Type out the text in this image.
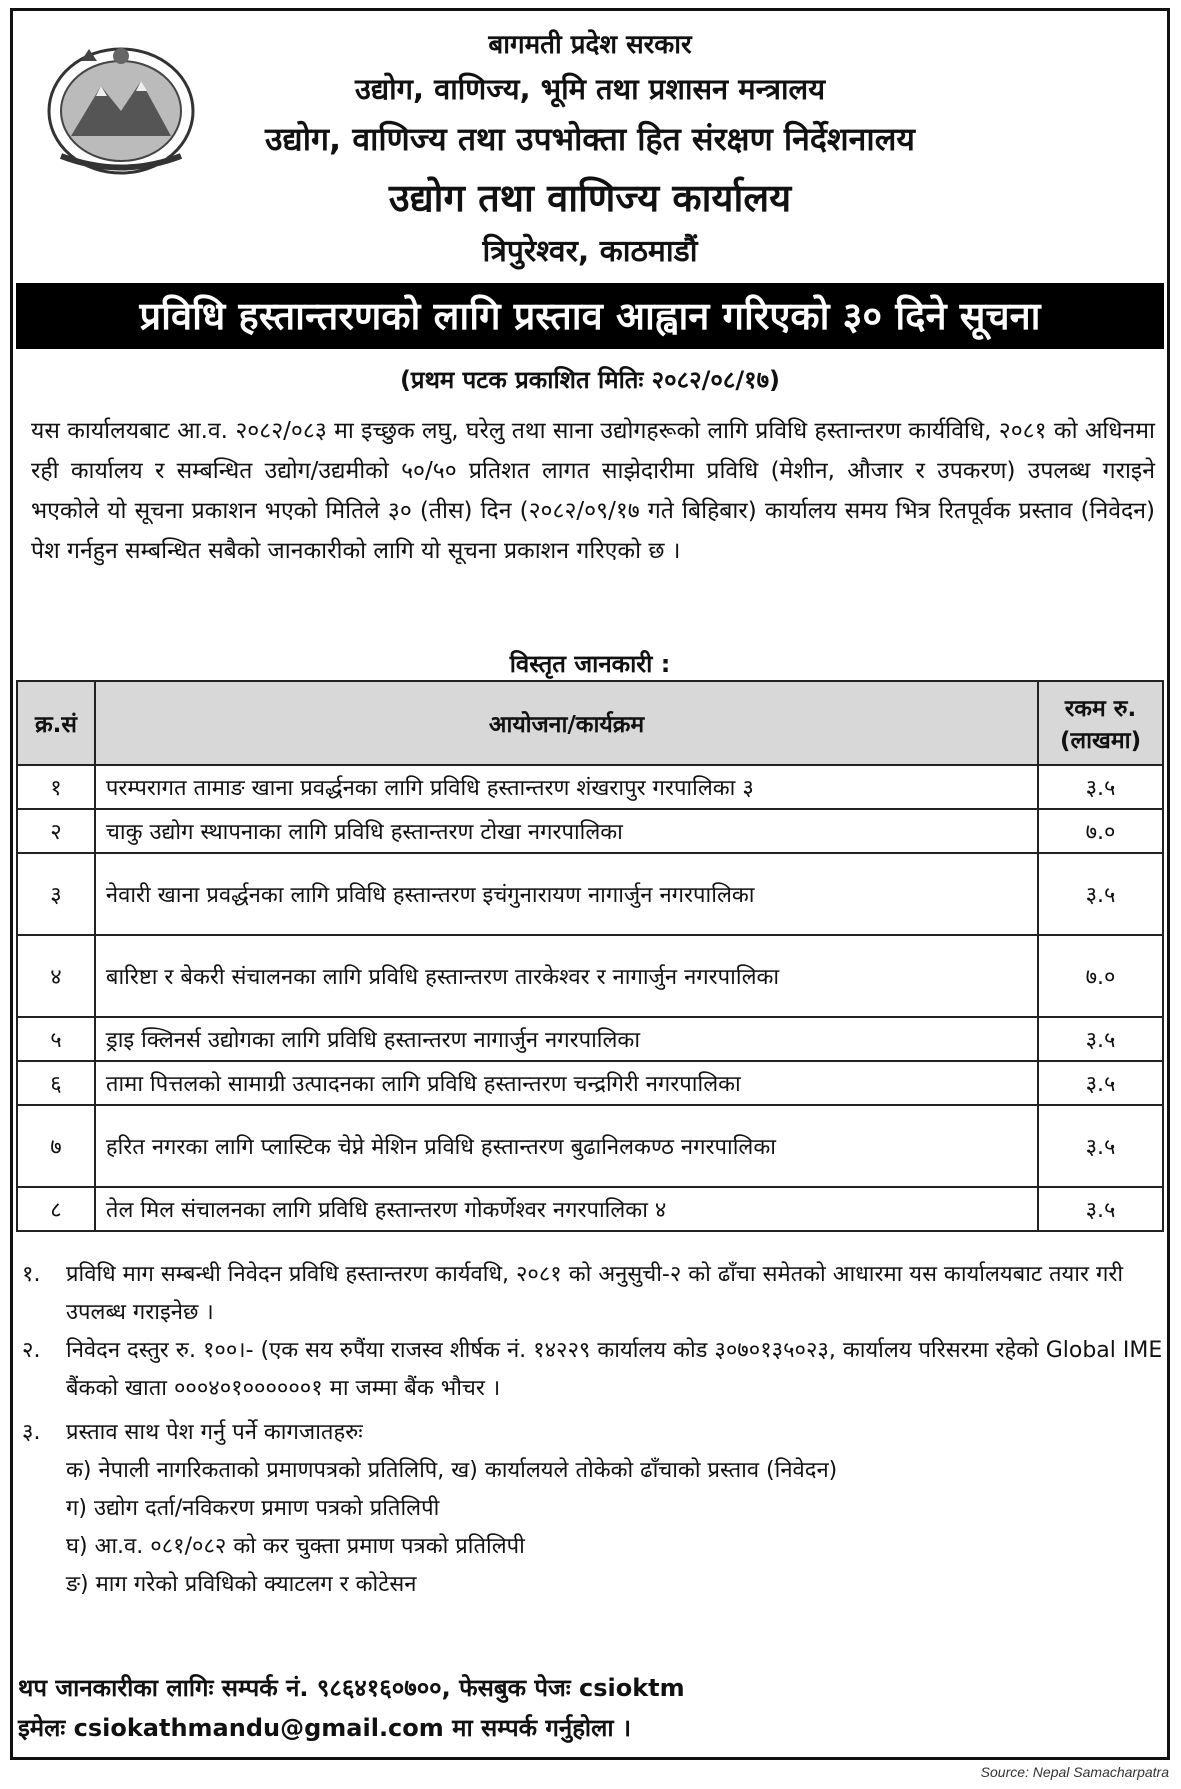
बागमती प्रदेश सरकार
उद्योग, वाणिज्य, भूमि तथा प्रशासन मन्त्रालय
उद्योग, वाणिज्य तथा उपभोक्ता हित संरक्षण निर्देशनालय
उद्योग तथा वाणिज्य कार्यालय
त्रिपुरेश्वर, काठमाडौं
प्रविधि हस्तान्तरणको लागि प्रस्ताव आह्वान गरिएको ३० दिने सूचना
(प्रथम पटक प्रकाशित मितिः २०८२/०८/१७)
यस कार्यालयबाट आ.व. २०८२/०८३ मा इच्छुक लघु, घरेलु तथा साना उद्योगहरूको लागि प्रविधि हस्तान्तरण कार्यविधि, २०८१ को अधिनमा रही कार्यालय र सम्बन्धित उद्योग/उद्यमीको ५०/५० प्रतिशत लागत साझेदारीमा प्रविधि (मेशीन, औजार र उपकरण) उपलब्ध गराइने भएकोले यो सूचना प्रकाशन भएको मितिले ३० (तीस) दिन (२०८२/०९/१७ गते बिहिबार) कार्यालय समय भित्र रितपूर्वक प्रस्ताव (निवेदन) पेश गर्नहुन सम्बन्धित सबैको जानकारीको लागि यो सूचना प्रकाशन गरिएको छ ।
विस्तृत जानकारी :
क्र.सं	आयोजना/कार्यक्रम	रकम रु.
(लाखमा)
१	परम्परागत तामाङ खाना प्रवर्द्धनका लागि प्रविधि हस्तान्तरण शंखरापुर गरपालिका ३	३.५
२	चाकु उद्योग स्थापनाका लागि प्रविधि हस्तान्तरण टोखा नगरपालिका	७.०
३	नेवारी खाना प्रवर्द्धनका लागि प्रविधि हस्तान्तरण इचंगुनारायण नागार्जुन नगरपालिका	३.५
४	बारिष्टा र बेकरी संचालनका लागि प्रविधि हस्तान्तरण तारकेश्वर र नागार्जुन नगरपालिका	७.०
५	ड्राइ क्लिनर्स उद्योगका लागि प्रविधि हस्तान्तरण नागार्जुन नगरपालिका	३.५
६	तामा पित्तलको सामाग्री उत्पादनका लागि प्रविधि हस्तान्तरण चन्द्रगिरी नगरपालिका	३.५
७	हरित नगरका लागि प्लास्टिक चेप्ने मेशिन प्रविधि हस्तान्तरण बुढानिलकण्ठ नगरपालिका	३.५
८	तेल मिल संचालनका लागि प्रविधि हस्तान्तरण गोकर्णेश्वर नगरपालिका ४	३.५
१. प्रविधि माग सम्बन्धी निवेदन प्रविधि हस्तान्तरण कार्यवधि, २०८१ को अनुसुची-२ को ढाँचा समेतको आधारमा यस कार्यालयबाट तयार गरी उपलब्ध गराइनेछ ।
२. निवेदन दस्तुर रु. १००।- (एक सय रुपैंया राजस्व शीर्षक नं. १४२२९ कार्यालय कोड ३०७०१३५०२३, कार्यालय परिसरमा रहेको Global IME बैंकको खाता ०००४०१००००००१ मा जम्मा बैंक भौचर ।
३. प्रस्ताव साथ पेश गर्नु पर्ने कागजातहरुः
क) नेपाली नागरिकताको प्रमाणपत्रको प्रतिलिपि, ख) कार्यालयले तोकेको ढाँचाको प्रस्ताव (निवेदन)
ग) उद्योग दर्ता/नविकरण प्रमाण पत्रको प्रतिलिपी
घ) आ.व. ०८१/०८२ को कर चुक्ता प्रमाण पत्रको प्रतिलिपी
ङ) माग गरेको प्रविधिको क्याटलग र कोटेसन
थप जानकारीका लागिः सम्पर्क नं. ९८६४१६०७००, फेसबुक पेजः csioktm
इमेलः csiokathmandu@gmail.com मा सम्पर्क गर्नुहोला ।
Source: Nepal Samacharpatra
